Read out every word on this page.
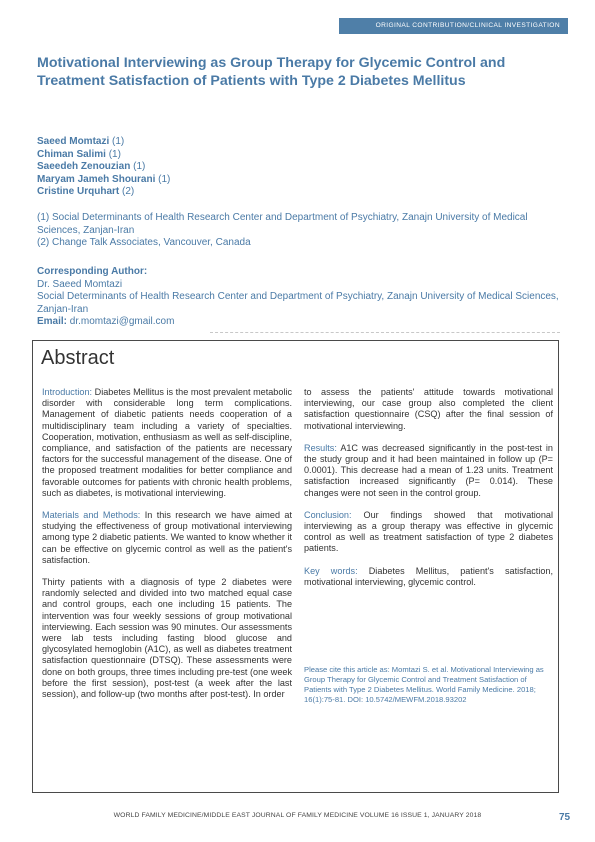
ORIGINAL CONTRIBUTION/CLINICAL INVESTIGATION
Motivational Interviewing as Group Therapy for Glycemic Control and Treatment Satisfaction of Patients with Type 2 Diabetes Mellitus
Saeed Momtazi (1)
Chiman Salimi (1)
Saeedeh Zenouzian (1)
Maryam Jameh Shourani (1)
Cristine Urquhart (2)
(1) Social Determinants of Health Research Center and Department of Psychiatry, Zanajn University of Medical Sciences, Zanjan-Iran
(2) Change Talk Associates, Vancouver, Canada
Corresponding Author:
Dr. Saeed Momtazi
Social Determinants of Health Research Center and Department of Psychiatry, Zanajn University of Medical Sciences, Zanjan-Iran
Email: dr.momtazi@gmail.com
Abstract

Introduction: Diabetes Mellitus is the most prevalent metabolic disorder with considerable long term complications. Management of diabetic patients needs cooperation of a multidisciplinary team including a variety of specialties. Cooperation, motivation, enthusiasm as well as self-discipline, compliance, and satisfaction of the patients are necessary factors for the successful management of the disease. One of the proposed treatment modalities for better compliance and favorable outcomes for patients with chronic health problems, such as diabetes, is motivational interviewing.

Materials and Methods: In this research we have aimed at studying the effectiveness of group motivational interviewing among type 2 diabetic patients. We wanted to know whether it can be effective on glycemic control as well as the patient's satisfaction.

Thirty patients with a diagnosis of type 2 diabetes were randomly selected and divided into two matched equal case and control groups, each one including 15 patients. The intervention was four weekly sessions of group motivational interviewing. Each session was 90 minutes. Our assessments were lab tests including fasting blood glucose and glycosylated hemoglobin (A1C), as well as diabetes treatment satisfaction questionnaire (DTSQ). These assessments were done on both groups, three times including pre-test (one week before the first session), post-test (a week after the last session), and follow-up (two months after post-test). In order

to assess the patients' attitude towards motivational interviewing, our case group also completed the client satisfaction questionnaire (CSQ) after the final session of motivational interviewing.

Results: A1C was decreased significantly in the post-test in the study group and it had been maintained in follow up (P= 0.0001). This decrease had a mean of 1.23 units. Treatment satisfaction increased significantly (P= 0.014). These changes were not seen in the control group.

Conclusion: Our findings showed that motivational interviewing as a group therapy was effective in glycemic control as well as treatment satisfaction of type 2 diabetes patients.

Key words: Diabetes Mellitus, patient's satisfaction, motivational interviewing, glycemic control.

Please cite this article as: Momtazi S. et al. Motivational Interviewing as Group Therapy for Glycemic Control and Treatment Satisfaction of Patients with Type 2 Diabetes Mellitus. World Family Medicine. 2018; 16(1):75-81. DOI: 10.5742/MEWFM.2018.93202
WORLD FAMILY MEDICINE/MIDDLE EAST JOURNAL OF FAMILY MEDICINE VOLUME 16 ISSUE 1, JANUARY 2018	75
